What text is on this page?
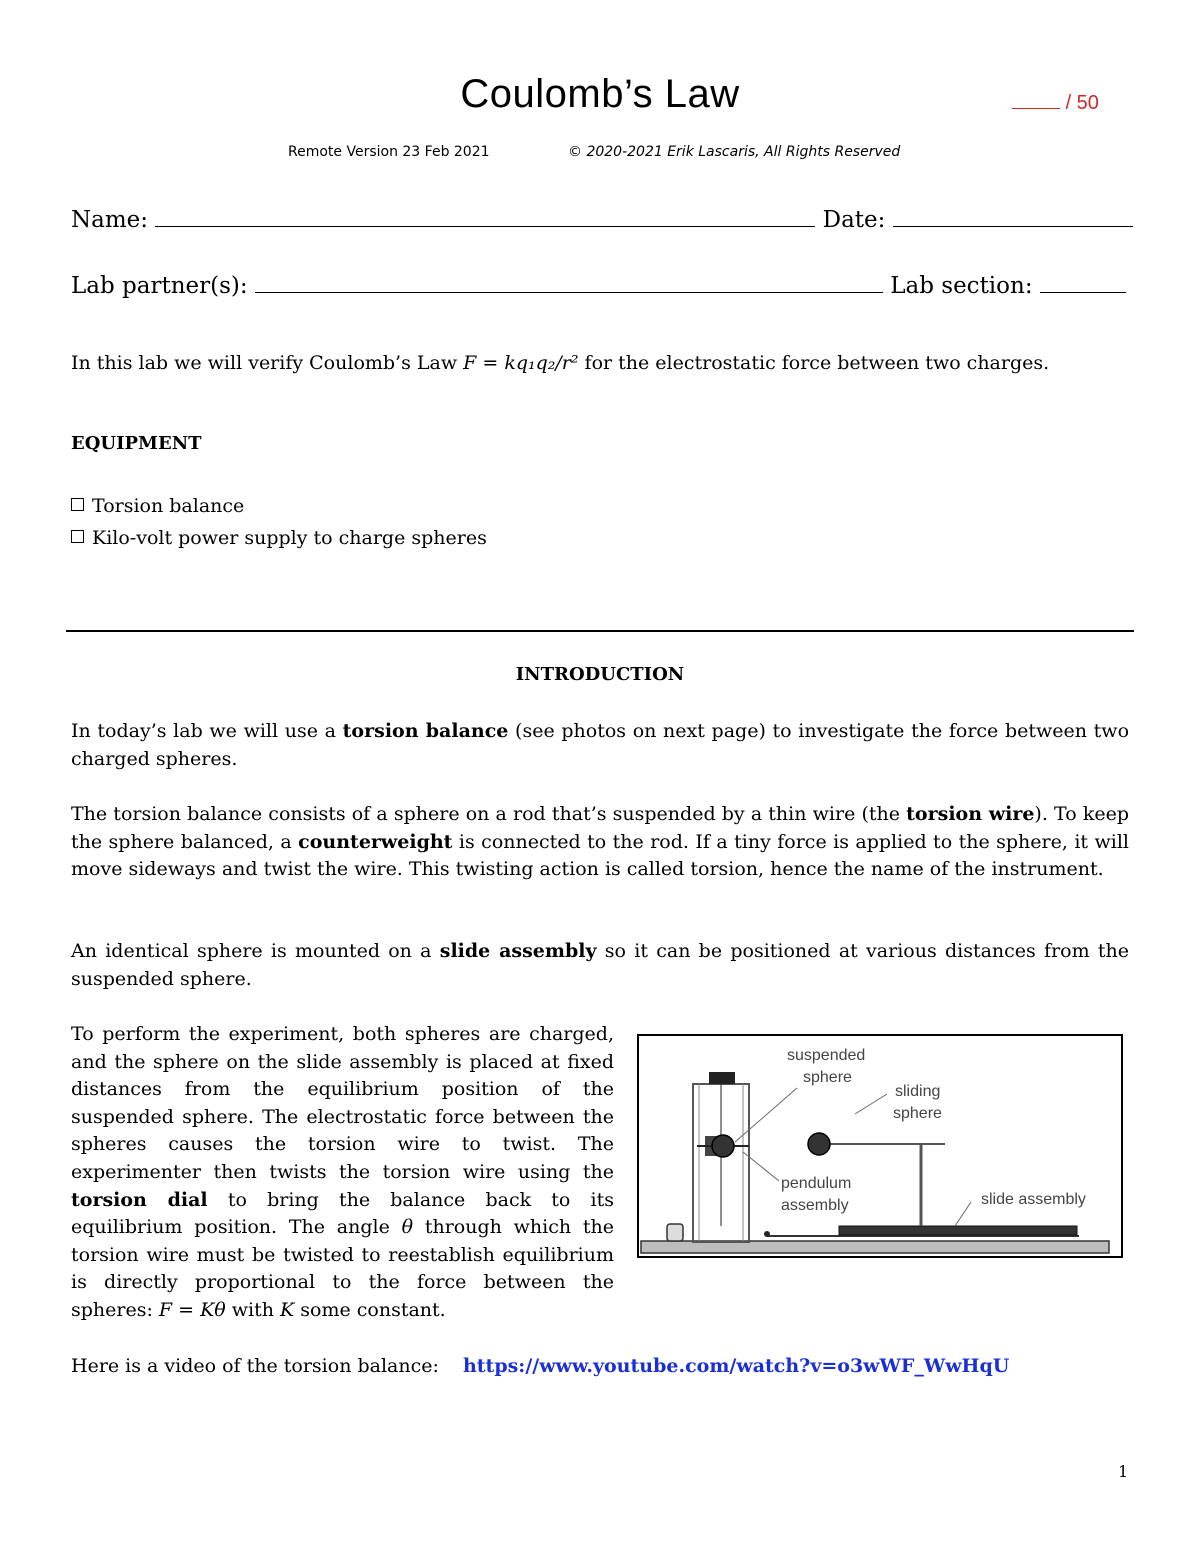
Coulomb’s Law	/ 50
Remote Version 23 Feb 2021	© 2020-2021 Erik Lascaris, All Rights Reserved
Name:	Date:
Lab partner(s):	Lab section:
In this lab we will verify Coulomb’s Law F = kq₁q₂/r² for the electrostatic force between two charges.
EQUIPMENT
Torsion balance
Kilo-volt power supply to charge spheres
INTRODUCTION
In today’s lab we will use a torsion balance (see photos on next page) to investigate the force between two charged spheres.
The torsion balance consists of a sphere on a rod that’s suspended by a thin wire (the torsion wire). To keep the sphere balanced, a counterweight is connected to the rod. If a tiny force is applied to the sphere, it will move sideways and twist the wire. This twisting action is called torsion, hence the name of the instrument.
An identical sphere is mounted on a slide assembly so it can be positioned at various distances from the suspended sphere.
To perform the experiment, both spheres are charged, and the sphere on the slide assembly is placed at fixed distances from the equilibrium position of the suspended sphere. The electrostatic force between the spheres causes the torsion wire to twist. The experimenter then twists the torsion wire using the torsion dial to bring the balance back to its equilibrium position. The angle θ through which the torsion wire must be twisted to reestablish equilibrium is directly proportional to the force between the spheres: F = Kθ with K some constant.
Here is a video of the torsion balance: https://www.youtube.com/watch?v=o3wWF_WwHqU
suspended
sphere
sliding
sphere
pendulum
assembly	slide assembly
1
